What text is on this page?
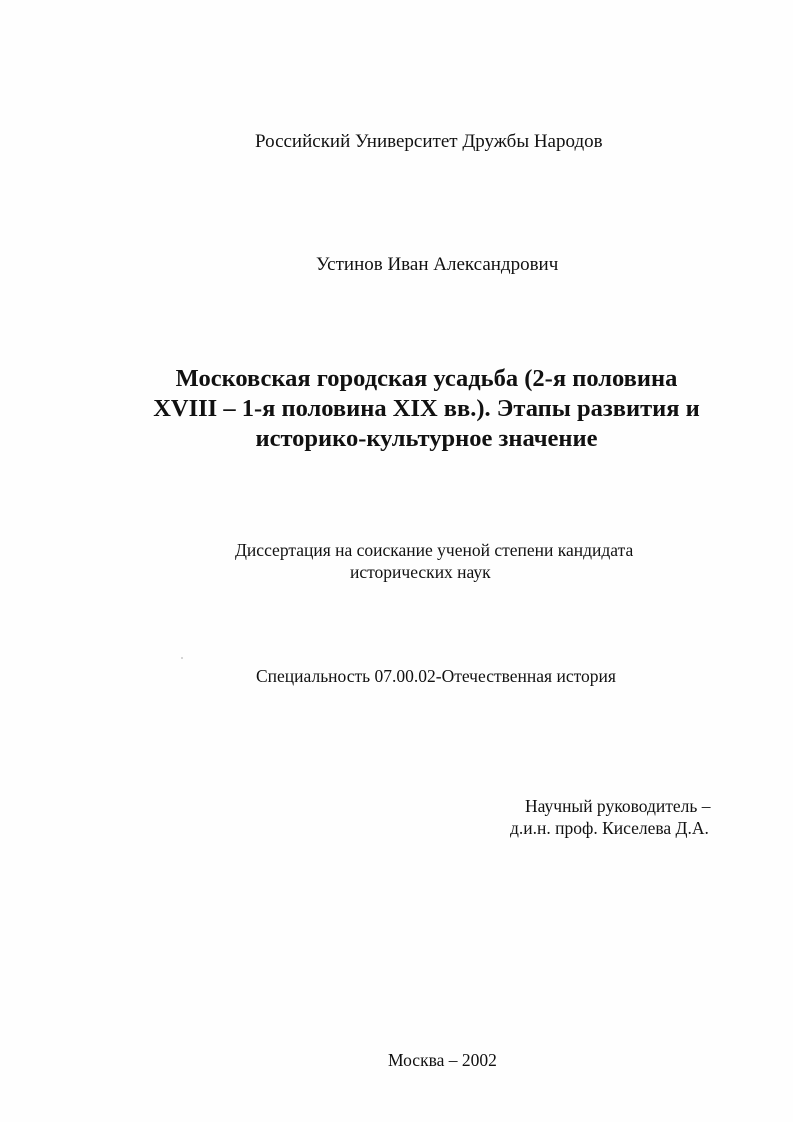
Российский Университет Дружбы Народов
Устинов Иван Александрович
Московская городская усадьба (2-я половина
XVIII – 1-я половина XIX вв.). Этапы развития и
историко-культурное значение
Диссертация на соискание ученой степени кандидата
исторических наук
Специальность 07.00.02-Отечественная история
Научный руководитель –
д.и.н. проф. Киселева Д.А.
Москва – 2002
